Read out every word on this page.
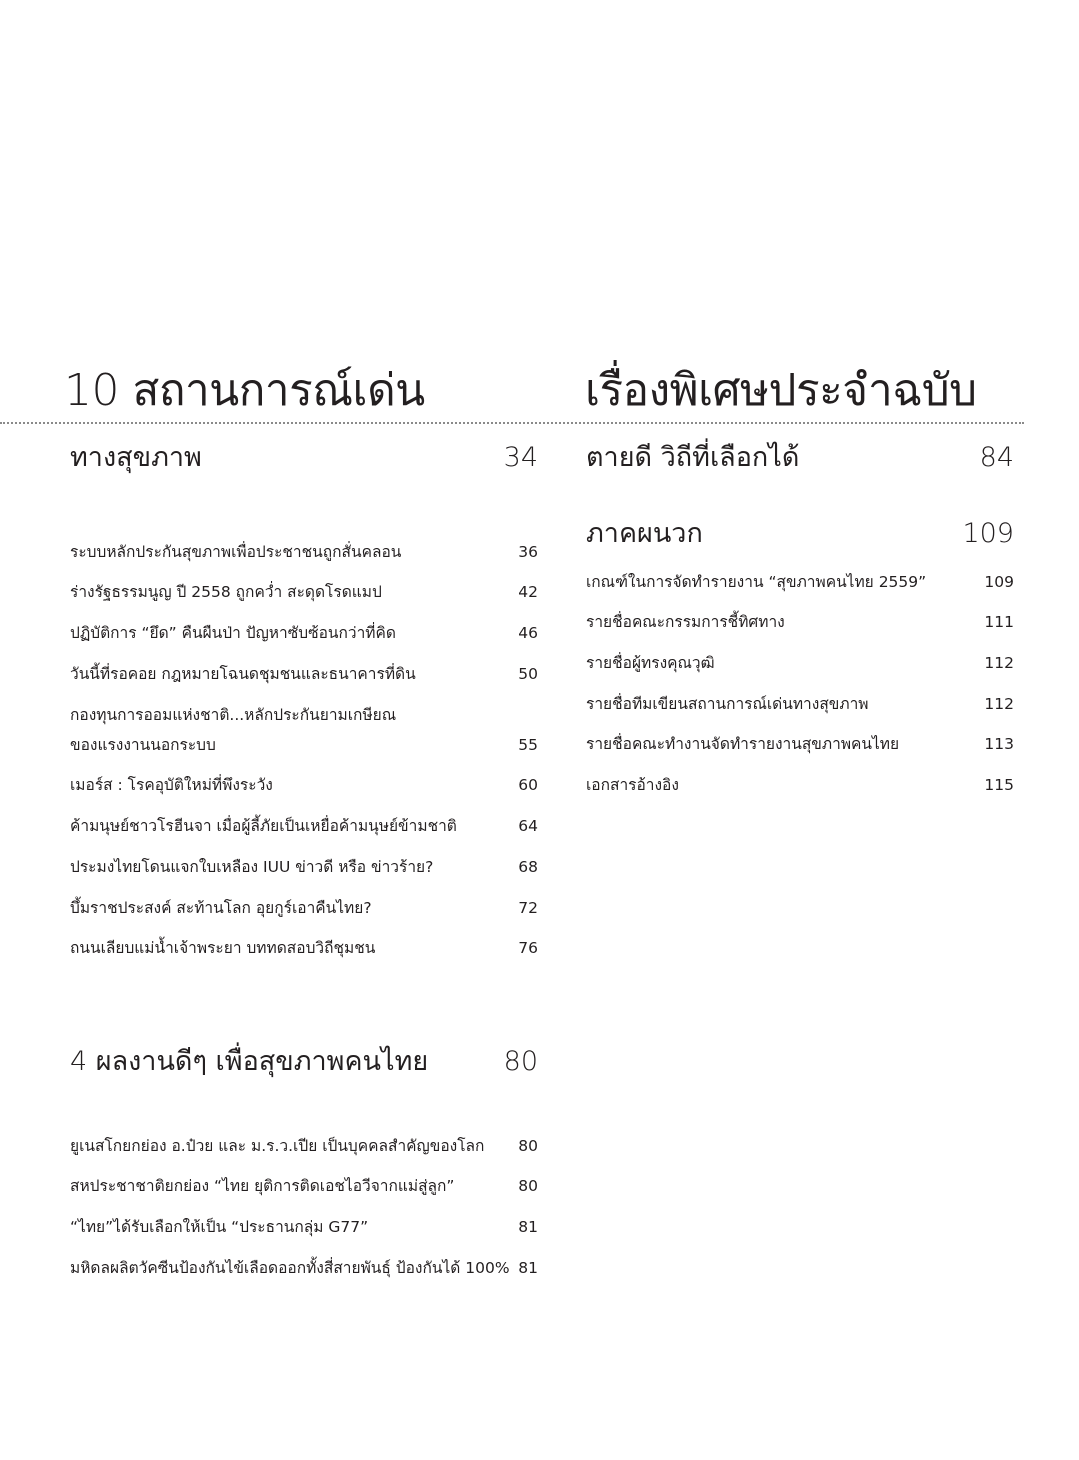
10 สถานการณ์เด่น	เรื่องพิเศษประจำฉบับ
ทางสุขภาพ	34
ระบบหลักประกันสุขภาพเพื่อประชาชนถูกสั่นคลอน	36
ร่างรัฐธรรมนูญ ปี 2558 ถูกคว่ำ สะดุดโรดแมป	42
ปฏิบัติการ “ยึด” คืนผืนป่า ปัญหาซับซ้อนกว่าที่คิด	46
วันนี้ที่รอคอย กฎหมายโฉนดชุมชนและธนาคารที่ดิน	50
กองทุนการออมแห่งชาติ...หลักประกันยามเกษียณ
ของแรงงานนอกระบบ	55
เมอร์ส : โรคอุบัติใหม่ที่พึงระวัง	60
ค้ามนุษย์ชาวโรฮีนจา เมื่อผู้ลี้ภัยเป็นเหยื่อค้ามนุษย์ข้ามชาติ	64
ประมงไทยโดนแจกใบเหลือง IUU ข่าวดี หรือ ข่าวร้าย?	68
บึ้มราชประสงค์ สะท้านโลก อุยกูร์เอาคืนไทย?	72
ถนนเลียบแม่น้ำเจ้าพระยา บททดสอบวิถีชุมชน	76
4 ผลงานดีๆ เพื่อสุขภาพคนไทย	80
ยูเนสโกยกย่อง อ.ป๋วย และ ม.ร.ว.เปีย เป็นบุคคลสำคัญของโลก	80
สหประชาชาติยกย่อง “ไทย ยุติการติดเอชไอวีจากแม่สู่ลูก”	80
“ไทย”ได้รับเลือกให้เป็น “ประธานกลุ่ม G77”	81
มหิดลผลิตวัคซีนป้องกันไข้เลือดออกทั้งสี่สายพันธุ์ ป้องกันได้ 100% 81
ตายดี วิถีที่เลือกได้	84
ภาคผนวก	109
เกณฑ์ในการจัดทำรายงาน “สุขภาพคนไทย 2559”	109
รายชื่อคณะกรรมการชี้ทิศทาง	111
รายชื่อผู้ทรงคุณวุฒิ	112
รายชื่อทีมเขียนสถานการณ์เด่นทางสุขภาพ	112
รายชื่อคณะทำงานจัดทำรายงานสุขภาพคนไทย	113
เอกสารอ้างอิง	115
